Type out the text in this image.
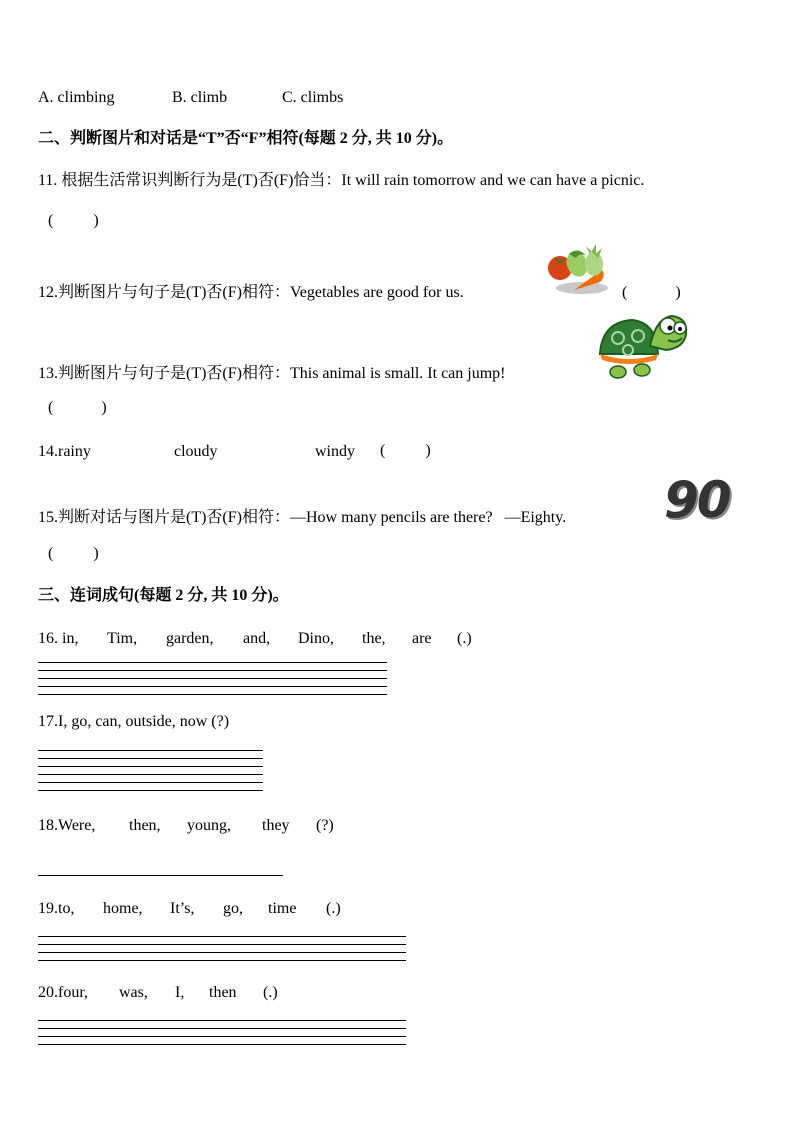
A. climbing	B. climb	C. climbs
二、判断图片和对话是“T”否“F”相符(每题 2 分, 共 10 分)。
11. 根据生活常识判断行为是(T)否(F)恰当：It will rain tomorrow and we can have a picnic.
(          )
12.判断图片与句子是(T)否(F)相符：Vegetables are good for us.	(            )
13.判断图片与句子是(T)否(F)相符：This animal is small. It can jump!
(            )
14.rainy	cloudy	windy (          )
15.判断对话与图片是(T)否(F)相符：—How many pencils are there?   —Eighty. 90
(          )
三、连词成句(每题 2 分, 共 10 分)。
16. in, Tim, garden, and, Dino, the, are (.)
17.I, go, can, outside, now (?)
18.Were, then, young, they (?)
19.to, home, It’s, go, time (.)
20.four, was, I, then (.)
